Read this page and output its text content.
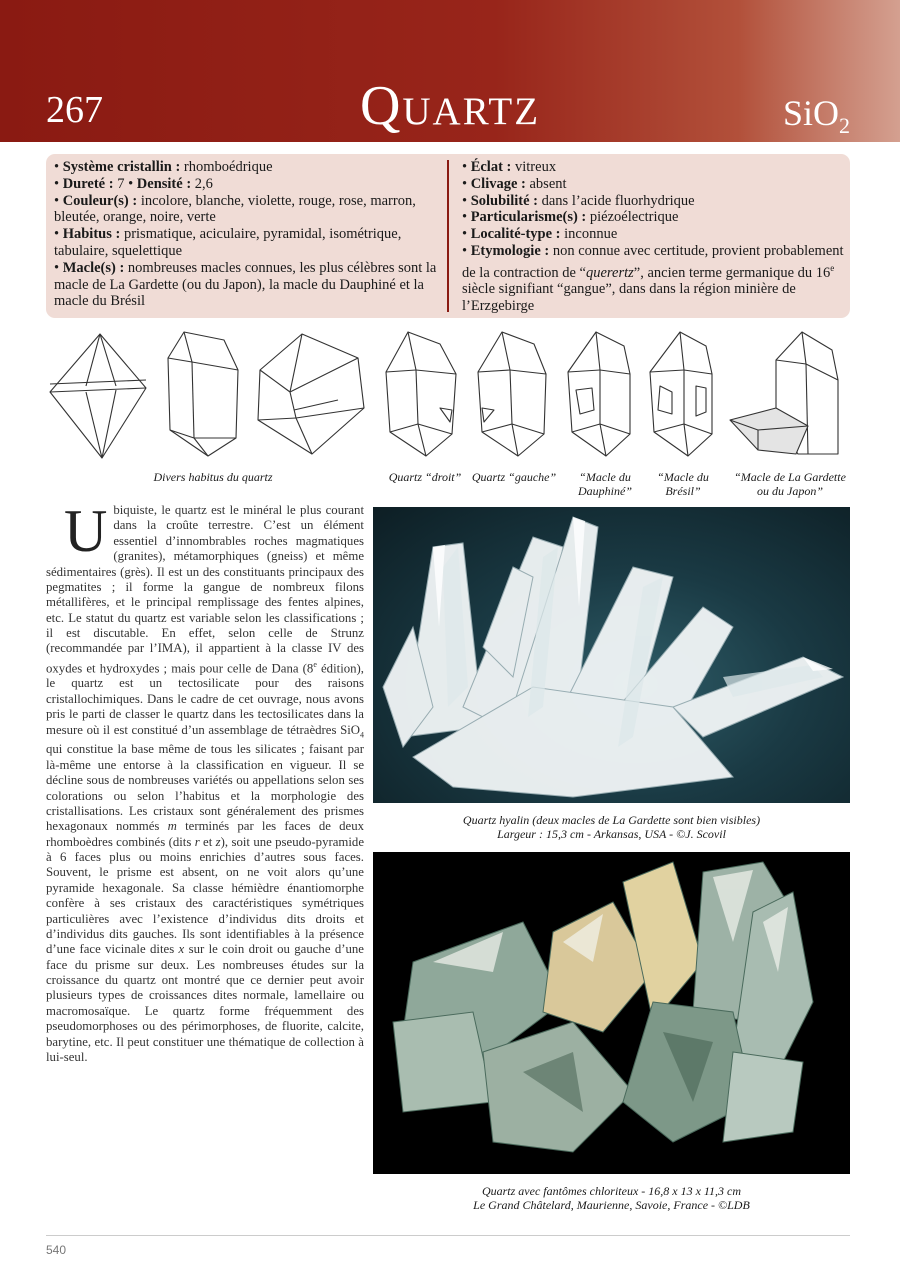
267	Quartz	SiO$_2$
• Système cristallin : rhomboédrique
• Dureté : 7 • Densité : 2,6
• Couleur(s) : incolore, blanche, violette, rouge, rose, marron, bleutée, orange, noire, verte
• Habitus : prismatique, aciculaire, pyramidal, isométrique, tabulaire, squelettique
• Macle(s) : nombreuses macles connues, les plus célèbres sont la macle de La Gardette (ou du Japon), la macle du Dauphiné et la macle du Brésil
• Éclat : vitreux
• Clivage : absent
• Solubilité : dans l’acide fluorhydrique
• Particularisme(s) : piézoélectrique
• Localité-type : inconnue
• Etymologie : non connue avec certitude, provient probablement de la contraction de “querertz”, ancien terme germanique du 16e siècle signifiant “gangue”, dans dans la région minière de l’Erzgebirge
Divers habitus du quartz	Quartz “droit” Quartz “gauche”	“Macle du
Dauphiné”
“Macle du
Brésil”
“Macle de La Gardette
ou du Japon”
Ubiquiste, le quartz est le minéral le plus courant dans la croûte terrestre. C’est un élément essentiel d’innombrables roches magmatiques (granites), métamorphiques (gneiss) et même sédimentaires (grès). Il est un des constituants principaux des pegmatites ; il forme la gangue de nombreux filons métallifères, et le principal remplissage des fentes alpines, etc. Le statut du quartz est variable selon les classifications ; il est discutable. En effet, selon celle de Strunz (recommandée par l’IMA), il appartient à la classe IV des oxydes et hydroxydes ; mais pour celle de Dana (8e édition), le quartz est un tectosilicate pour des raisons cristallochimiques. Dans le cadre de cet ouvrage, nous avons pris le parti de classer le quartz dans les tectosilicates dans la mesure où il est constitué d’un assemblage de tétraèdres SiO$_4$ qui constitue la base même de tous les silicates ; faisant par là-même une entorse à la classification en vigueur. Il se décline sous de nombreuses variétés ou appellations selon ses colorations ou selon l’habitus et la morphologie des cristallisations. Les cristaux sont généralement des prismes hexagonaux nommés m terminés par les faces de deux rhomboèdres combinés (dits r et z), soit une pseudo-pyramide à 6 faces plus ou moins enrichies d’autres sous faces. Souvent, le prisme est absent, on ne voit alors qu’une pyramide hexagonale. Sa classe hémièdre énantiomorphe confère à ses cristaux des caractéristiques symétriques particulières avec l’existence d’individus dits droits et d’individus dits gauches. Ils sont identifiables à la présence d’une face vicinale dites x sur le coin droit ou gauche d’une face du prisme sur deux. Les nombreuses études sur la croissance du quartz ont montré que ce dernier peut avoir plusieurs types de croissances dites normale, lamellaire ou macromosaïque. Le quartz forme fréquemment des pseudomorphoses ou des périmorphoses, de fluorite, calcite, barytine, etc. Il peut constituer une thématique de collection à lui-seul.
Quartz hyalin (deux macles de La Gardette sont bien visibles)
Largeur : 15,3 cm - Arkansas, USA - ©J. Scovil
Quartz avec fantômes chloriteux - 16,8 x 13 x 11,3 cm
Le Grand Châtelard, Maurienne, Savoie, France - ©LDB
540
